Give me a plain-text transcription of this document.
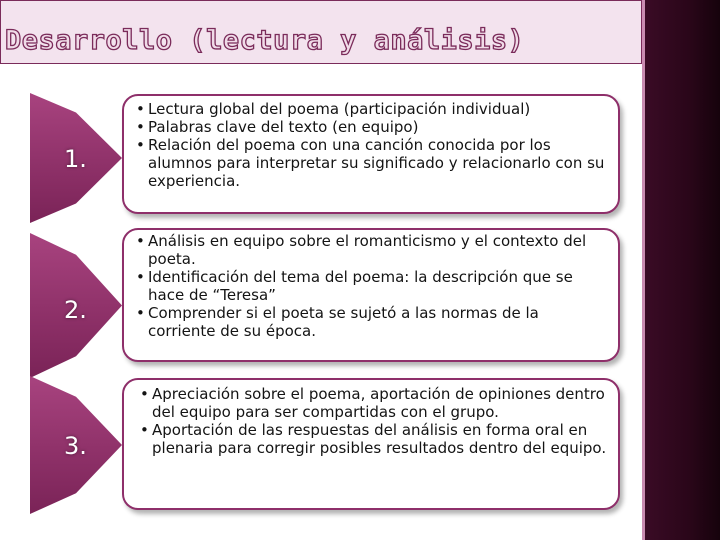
Desarrollo (lectura y análisis)
1.
• Lectura global del poema (participación individual)
• Palabras clave del texto (en equipo)
• Relación del poema con una canción conocida por los alumnos para interpretar su significado y relacionarlo con su experiencia.
2.
• Análisis en equipo sobre el romanticismo y el contexto del poeta.
• Identificación del tema del poema: la descripción que se hace de “Teresa”
• Comprender si el poeta se sujetó a las normas de la corriente de su época.
3.
• Apreciación sobre el poema, aportación de opiniones dentro del equipo para ser compartidas con el grupo.
• Aportación de las respuestas del análisis en forma oral en plenaria para corregir posibles resultados dentro del equipo.
